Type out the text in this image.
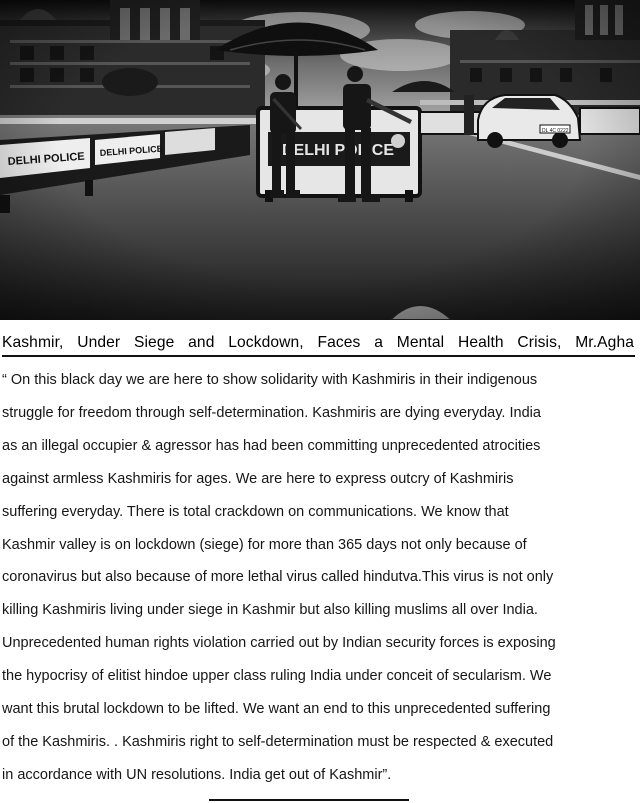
Kashmir, Under Siege and Lockdown, Faces a Mental Health Crisis, Mr.Agha

“ On this black day we are here to show solidarity with Kashmiris in their indigenous
struggle for freedom through self-determination. Kashmiris are dying everyday. India
as an illegal occupier & agressor has had been committing unprecedented atrocities
against armless Kashmiris for ages. We are here to express outcry of Kashmiris
suffering everyday. There is total crackdown on communications. We know that
Kashmir valley is on lockdown (siege) for more than 365 days not only because of
coronavirus but also because of more lethal virus called hindutva.This virus is not only
killing Kashmiris living under siege in Kashmir but also killing muslims all over India.
Unprecedented human rights violation carried out by Indian security forces is exposing
the hypocrisy of elitist hindoe upper class ruling India under conceit of secularism. We
want this brutal lockdown to be lifted. We want an end to this unprecedented suffering
of the Kashmiris. . Kashmiris right to self-determination must be respected & executed
in accordance with UN resolutions. India get out of Kashmir”.
